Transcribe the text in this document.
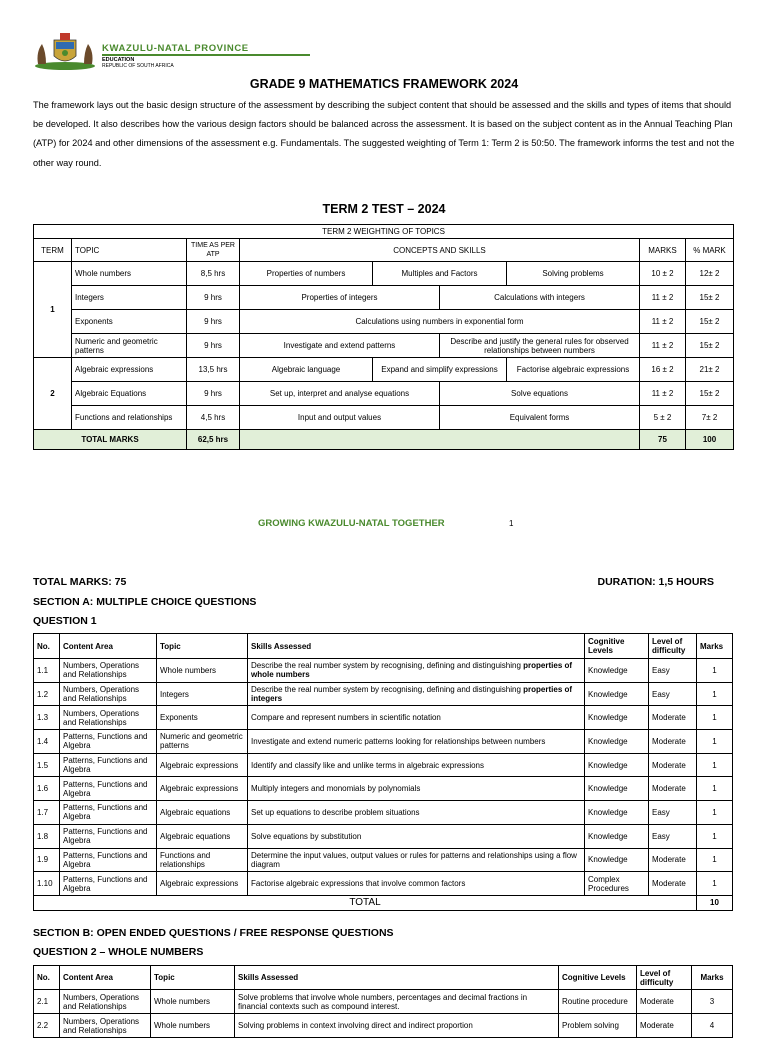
KWAZULU-NATAL PROVINCE
EDUCATION
REPUBLIC OF SOUTH AFRICA
GRADE 9 MATHEMATICS FRAMEWORK 2024
The framework lays out the basic design structure of the assessment by describing the subject content that should be assessed and the skills and types of items that should be developed. It also describes how the various design factors should be balanced across the assessment. It is based on the subject content as in the Annual Teaching Plan (ATP) for 2024 and other dimensions of the assessment e.g. Fundamentals. The suggested weighting of Term 1: Term 2 is 50:50. The framework informs the test and not the other way round.
TERM 2 TEST – 2024
TERM 2 WEIGHTING OF TOPICS								
TERM	TOPIC	TIME AS PER ATP	CONCEPTS AND SKILLS				MARKS	% MARK
1	Whole numbers	8,5 hrs	Properties of numbers	Multiples and Factors		Solving problems	10 ± 2	12± 2
	Integers	9 hrs	Properties of integers		Calculations with integers		11 ± 2	15± 2
	Exponents	9 hrs	Calculations using numbers in exponential form				11 ± 2	15± 2
	Numeric and geometric patterns	9 hrs	Investigate and extend patterns		Describe and justify the general rules for observed relationships between numbers		11 ± 2	15± 2
2	Algebraic expressions	13,5 hrs	Algebraic language	Expand and simplify expressions		Factorise algebraic expressions	16 ± 2	21± 2
	Algebraic Equations	9 hrs	Set up, interpret and analyse equations		Solve equations		11 ± 2	15± 2
	Functions and relationships	4,5 hrs	Input and output values		Equivalent forms		5 ± 2	7± 2
TOTAL MARKS		62,5 hrs					75	100
GROWING KWAZULU-NATAL TOGETHER	1
TOTAL MARKS: 75	DURATION: 1,5 HOURS
SECTION A: MULTIPLE CHOICE QUESTIONS
QUESTION 1
No.	Content Area	Topic	Skills Assessed	Cognitive Levels	Level of difficulty	Marks
1.1	Numbers, Operations and Relationships	Whole numbers	Describe the real number system by recognising, defining and distinguishing properties of whole numbers	Knowledge	Easy	1
1.2	Numbers, Operations and Relationships	Integers	Describe the real number system by recognising, defining and distinguishing properties of integers	Knowledge	Easy	1
1.3	Numbers, Operations and Relationships	Exponents	Compare and represent numbers in scientific notation	Knowledge	Moderate	1
1.4	Patterns, Functions and Algebra	Numeric and geometric patterns	Investigate and extend numeric patterns looking for relationships between numbers	Knowledge	Moderate	1
1.5	Patterns, Functions and Algebra	Algebraic expressions	Identify and classify like and unlike terms in algebraic expressions	Knowledge	Moderate	1
1.6	Patterns, Functions and Algebra	Algebraic expressions	Multiply integers and monomials by polynomials	Knowledge	Moderate	1
1.7	Patterns, Functions and Algebra	Algebraic equations	Set up equations to describe problem situations	Knowledge	Easy	1
1.8	Patterns, Functions and Algebra	Algebraic equations	Solve equations by substitution	Knowledge	Easy	1
1.9	Patterns, Functions and Algebra	Functions and relationships	Determine the input values, output values or rules for patterns and relationships using a flow diagram	Knowledge	Moderate	1
1.10	Patterns, Functions and Algebra	Algebraic expressions	Factorise algebraic expressions that involve common factors	Complex Procedures	Moderate	1
TOTAL						10
SECTION B: OPEN ENDED QUESTIONS / FREE RESPONSE QUESTIONS
QUESTION 2 – WHOLE NUMBERS
No.	Content Area	Topic	Skills Assessed	Cognitive Levels	Level of difficulty	Marks
2.1	Numbers, Operations and Relationships	Whole numbers	Solve problems that involve whole numbers, percentages and decimal fractions in financial contexts such as compound interest.	Routine procedure	Moderate	3
2.2	Numbers, Operations and Relationships	Whole numbers	Solving problems in context involving direct and indirect proportion	Problem solving	Moderate	4
